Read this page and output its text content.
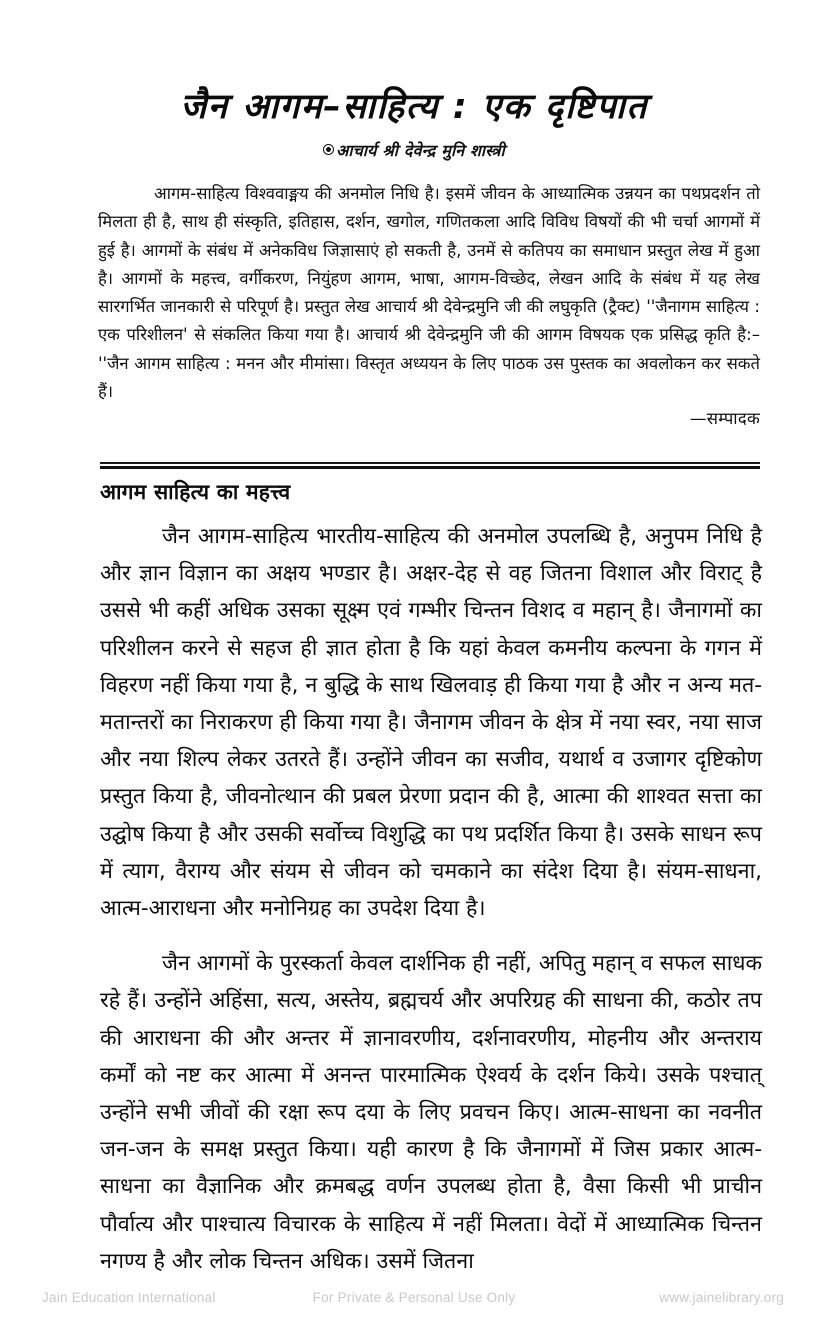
जैन आगम–साहित्य : एक दृष्टिपात
आचार्य श्री देवेन्द्र मुनि शास्त्री

आगम-साहित्य विश्ववाङ्मय की अनमोल निधि है। इसमें जीवन के आध्यात्मिक उन्नयन का पथप्रदर्शन तो मिलता ही है, साथ ही संस्कृति, इतिहास, दर्शन, खगोल, गणितकला आदि विविध विषयों की भी चर्चा आगमों में हुई है। आगमों के संबंध में अनेकविध जिज्ञासाएं हो सकती है, उनमें से कतिपय का समाधान प्रस्तुत लेख में हुआ है। आगमों के महत्त्व, वर्गीकरण, नियुंहण आगम, भाषा, आगम-विच्छेद, लेखन आदि के संबंध में यह लेख सारगर्भित जानकारी से परिपूर्ण है। प्रस्तुत लेख आचार्य श्री देवेन्द्रमुनि जी की लघुकृति (ट्रैक्ट) ''जैनागम साहित्य : एक परिशीलन' से संकलित किया गया है। आचार्य श्री देवेन्द्रमुनि जी की आगम विषयक एक प्रसिद्ध कृति है:– ''जैन आगम साहित्य : मनन और मीमांसा। विस्तृत अध्ययन के लिए पाठक उस पुस्तक का अवलोकन कर सकते हैं।

—सम्पादक
आगम साहित्य का महत्त्व

जैन आगम-साहित्य भारतीय-साहित्य की अनमोल उपलब्धि है, अनुपम निधि है और ज्ञान विज्ञान का अक्षय भण्डार है। अक्षर-देह से वह जितना विशाल और विराट् है उससे भी कहीं अधिक उसका सूक्ष्म एवं गम्भीर चिन्तन विशद व महान् है। जैनागमों का परिशीलन करने से सहज ही ज्ञात होता है कि यहां केवल कमनीय कल्पना के गगन में विहरण नहीं किया गया है, न बुद्धि के साथ खिलवाड़ ही किया गया है और न अन्य मत- मतान्तरों का निराकरण ही किया गया है। जैनागम जीवन के क्षेत्र में नया स्वर, नया साज और नया शिल्प लेकर उतरते हैं। उन्होंने जीवन का सजीव, यथार्थ व उजागर दृष्टिकोण प्रस्तुत किया है, जीवनोत्थान की प्रबल प्रेरणा प्रदान की है, आत्मा की शाश्वत सत्ता का उद्घोष किया है और उसकी सर्वोच्च विशुद्धि का पथ प्रदर्शित किया है। उसके साधन रूप में त्याग, वैराग्य और संयम से जीवन को चमकाने का संदेश दिया है। संयम-साधना, आत्म-आराधना और मनोनिग्रह का उपदेश दिया है।

जैन आगमों के पुरस्कर्ता केवल दार्शनिक ही नहीं, अपितु महान् व सफल साधक रहे हैं। उन्होंने अहिंसा, सत्य, अस्तेय, ब्रह्मचर्य और अपरिग्रह की साधना की, कठोर तप की आराधना की और अन्तर में ज्ञानावरणीय, दर्शनावरणीय, मोहनीय और अन्तराय कर्मों को नष्ट कर आत्मा में अनन्त पारमात्मिक ऐश्वर्य के दर्शन किये। उसके पश्चात् उन्होंने सभी जीवों की रक्षा रूप दया के लिए प्रवचन किए। आत्म-साधना का नवनीत जन-जन के समक्ष प्रस्तुत किया। यही कारण है कि जैनागमों में जिस प्रकार आत्म-साधना का वैज्ञानिक और क्रमबद्ध वर्णन उपलब्ध होता है, वैसा किसी भी प्राचीन पौर्वात्य और पाश्चात्य विचारक के साहित्य में नहीं मिलता। वेदों में आध्यात्मिक चिन्तन नगण्य है और लोक चिन्तन अधिक। उसमें जितना

Jain Education International	For Private & Personal Use Only	www.jainelibrary.org
